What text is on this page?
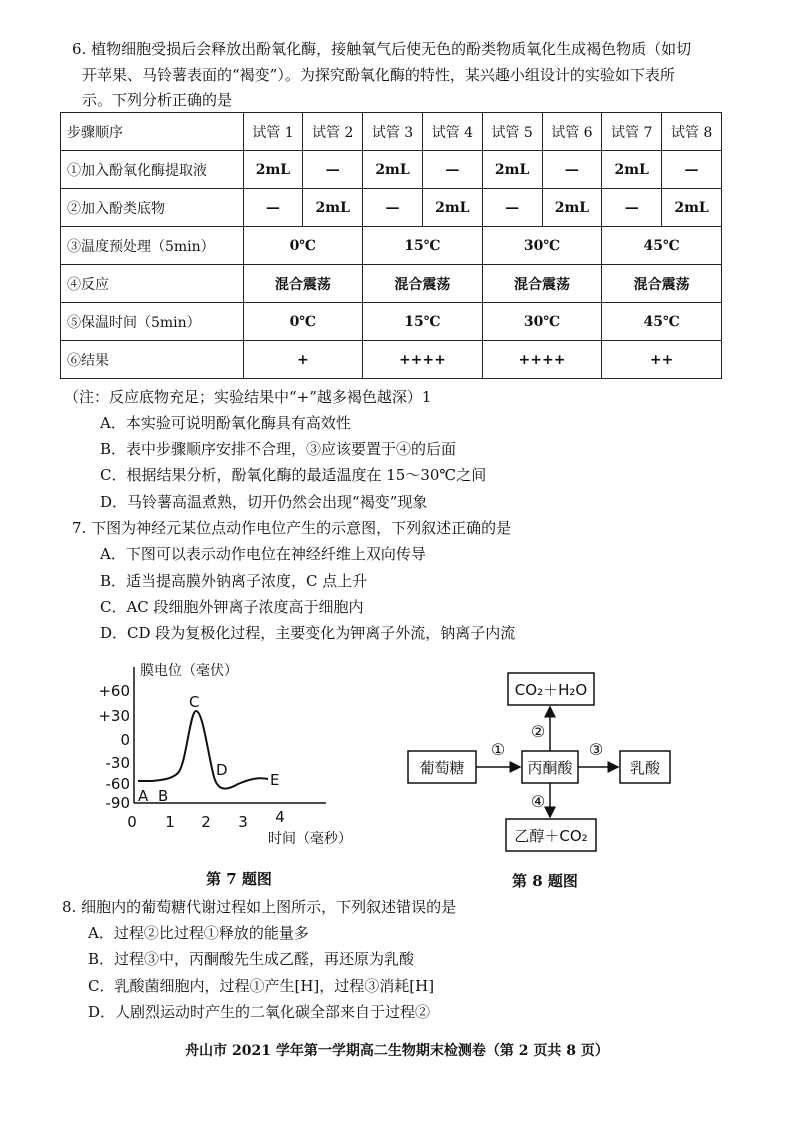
6. 植物细胞受损后会释放出酚氧化酶，接触氧气后使无色的酚类物质氧化生成褐色物质（如切
开苹果、马铃薯表面的“褐变”）。为探究酚氧化酶的特性，某兴趣小组设计的实验如下表所
示。下列分析正确的是
步骤顺序	试管 1	试管 2	试管 3	试管 4	试管 5	试管 6	试管 7	试管 8
①加入酚氧化酶提取液	2mL	—	2mL	—	2mL	—	2mL	—
②加入酚类底物	—	2mL	—	2mL	—	2mL	—	2mL
③温度预处理（5min）	0℃		15℃		30℃		45℃	
④反应	混合震荡		混合震荡		混合震荡		混合震荡	
⑤保温时间（5min）	0℃		15℃		30℃		45℃	
⑥结果	+		++++		++++		++	
（注：反应底物充足；实验结果中“+”越多褐色越深）1
A．本实验可说明酚氧化酶具有高效性
B．表中步骤顺序安排不合理，③应该要置于④的后面
C．根据结果分析，酚氧化酶的最适温度在 15～30℃之间
D．马铃薯高温煮熟，切开仍然会出现“褐变”现象
7. 下图为神经元某位点动作电位产生的示意图，下列叙述正确的是
A．下图可以表示动作电位在神经纤维上双向传导
B．适当提高膜外钠离子浓度，C 点上升
C．AC 段细胞外钾离子浓度高于细胞内
D．CD 段为复极化过程，主要变化为钾离子外流，钠离子内流
膜电位（毫伏）
+60
+30
0
-30
-60
-90
0 1 2 3 4
时间（毫秒）
A B
C
D
E
第 7 题图
CO₂＋H₂O
葡萄糖	丙酮酸	乳酸
乙醇＋CO₂
①
②
③
④
第 8 题图
8. 细胞内的葡萄糖代谢过程如上图所示，下列叙述错误的是
A．过程②比过程①释放的能量多
B．过程③中，丙酮酸先生成乙醛，再还原为乳酸
C．乳酸菌细胞内，过程①产生[H]，过程③消耗[H]
D．人剧烈运动时产生的二氧化碳全部来自于过程②
舟山市 2021 学年第一学期高二生物期末检测卷（第 2 页共 8 页）
